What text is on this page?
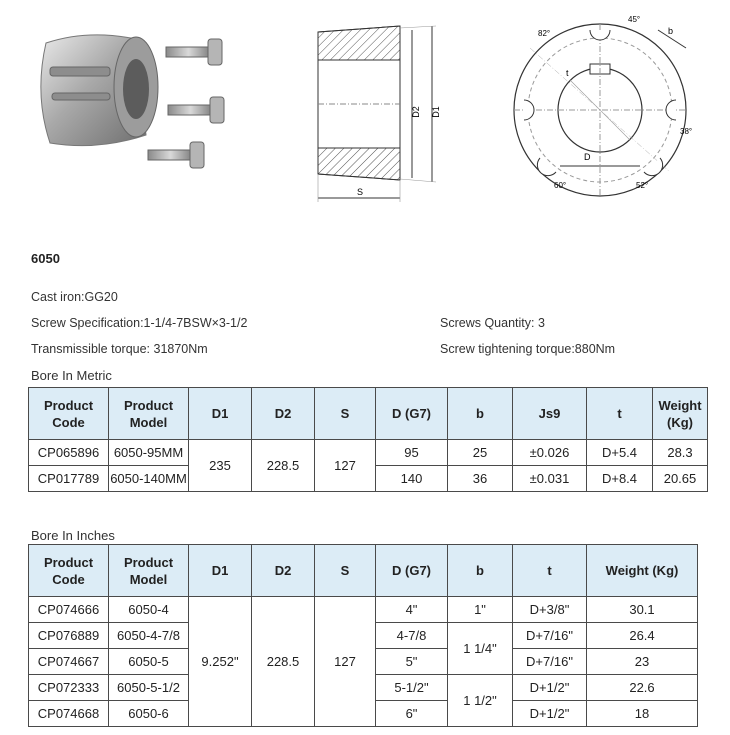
D2 D1
S
82°
45°
b
t
D
60°	52°
38°
6050
Cast iron:GG20
Screw Specification:1-1/4-7BSW×3-1/2	Screws Quantity: 3
Transmissible torque: 31870Nm	Screw tightening torque:880Nm
Bore In Metric
Product Code	Product Model	D1	D2	S	D (G7)	b	Js9	t	Weight (Kg)
CP065896	6050-95MM	235	228.5	127	95	25	±0.026	D+5.4	28.3
CP017789	6050-140MM				140	36	±0.031	D+8.4	20.65
Bore In Inches
Product Code	Product Model	D1	D2	S	D (G7)	b	t	Weight (Kg)
CP074666	6050-4	9.252"	228.5	127	4"	1"	D+3/8"	30.1
CP076889	6050-4-7/8				4-7/8	1 1/4"	D+7/16"	26.4
CP074667	6050-5				5"		D+7/16"	23
CP072333	6050-5-1/2				5-1/2"	1 1/2"	D+1/2"	22.6
CP074668	6050-6				6"		D+1/2"	18
